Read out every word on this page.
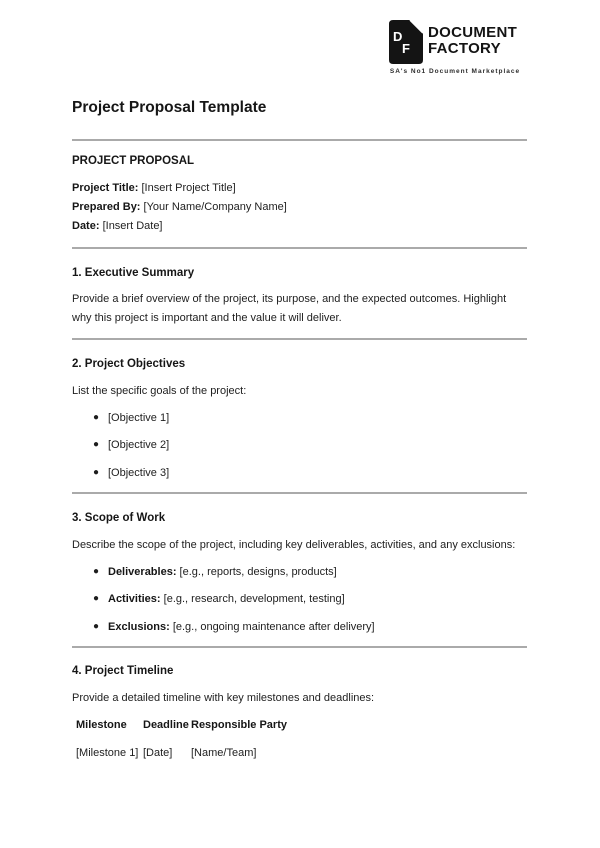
D
F
DOCUMENT
FACTORY
SA's No1 Document Marketplace
Project Proposal Template
PROJECT PROPOSAL

Project Title: [Insert Project Title]

Prepared By: [Your Name/Company Name]

Date: [Insert Date]

1. Executive Summary

Provide a brief overview of the project, its purpose, and the expected outcomes. Highlight why this project is important and the value it will deliver.

2. Project Objectives

List the specific goals of the project:

● [Objective 1]
● [Objective 2]
● [Objective 3]
3. Scope of Work

Describe the scope of the project, including key deliverables, activities, and any exclusions:

● Deliverables: [e.g., reports, designs, products]
● Activities: [e.g., research, development, testing]
● Exclusions: [e.g., ongoing maintenance after delivery]
4. Project Timeline

Provide a detailed timeline with key milestones and deadlines:

Milestone	Deadline Responsible Party
[Milestone 1] [Date]	[Name/Team]
